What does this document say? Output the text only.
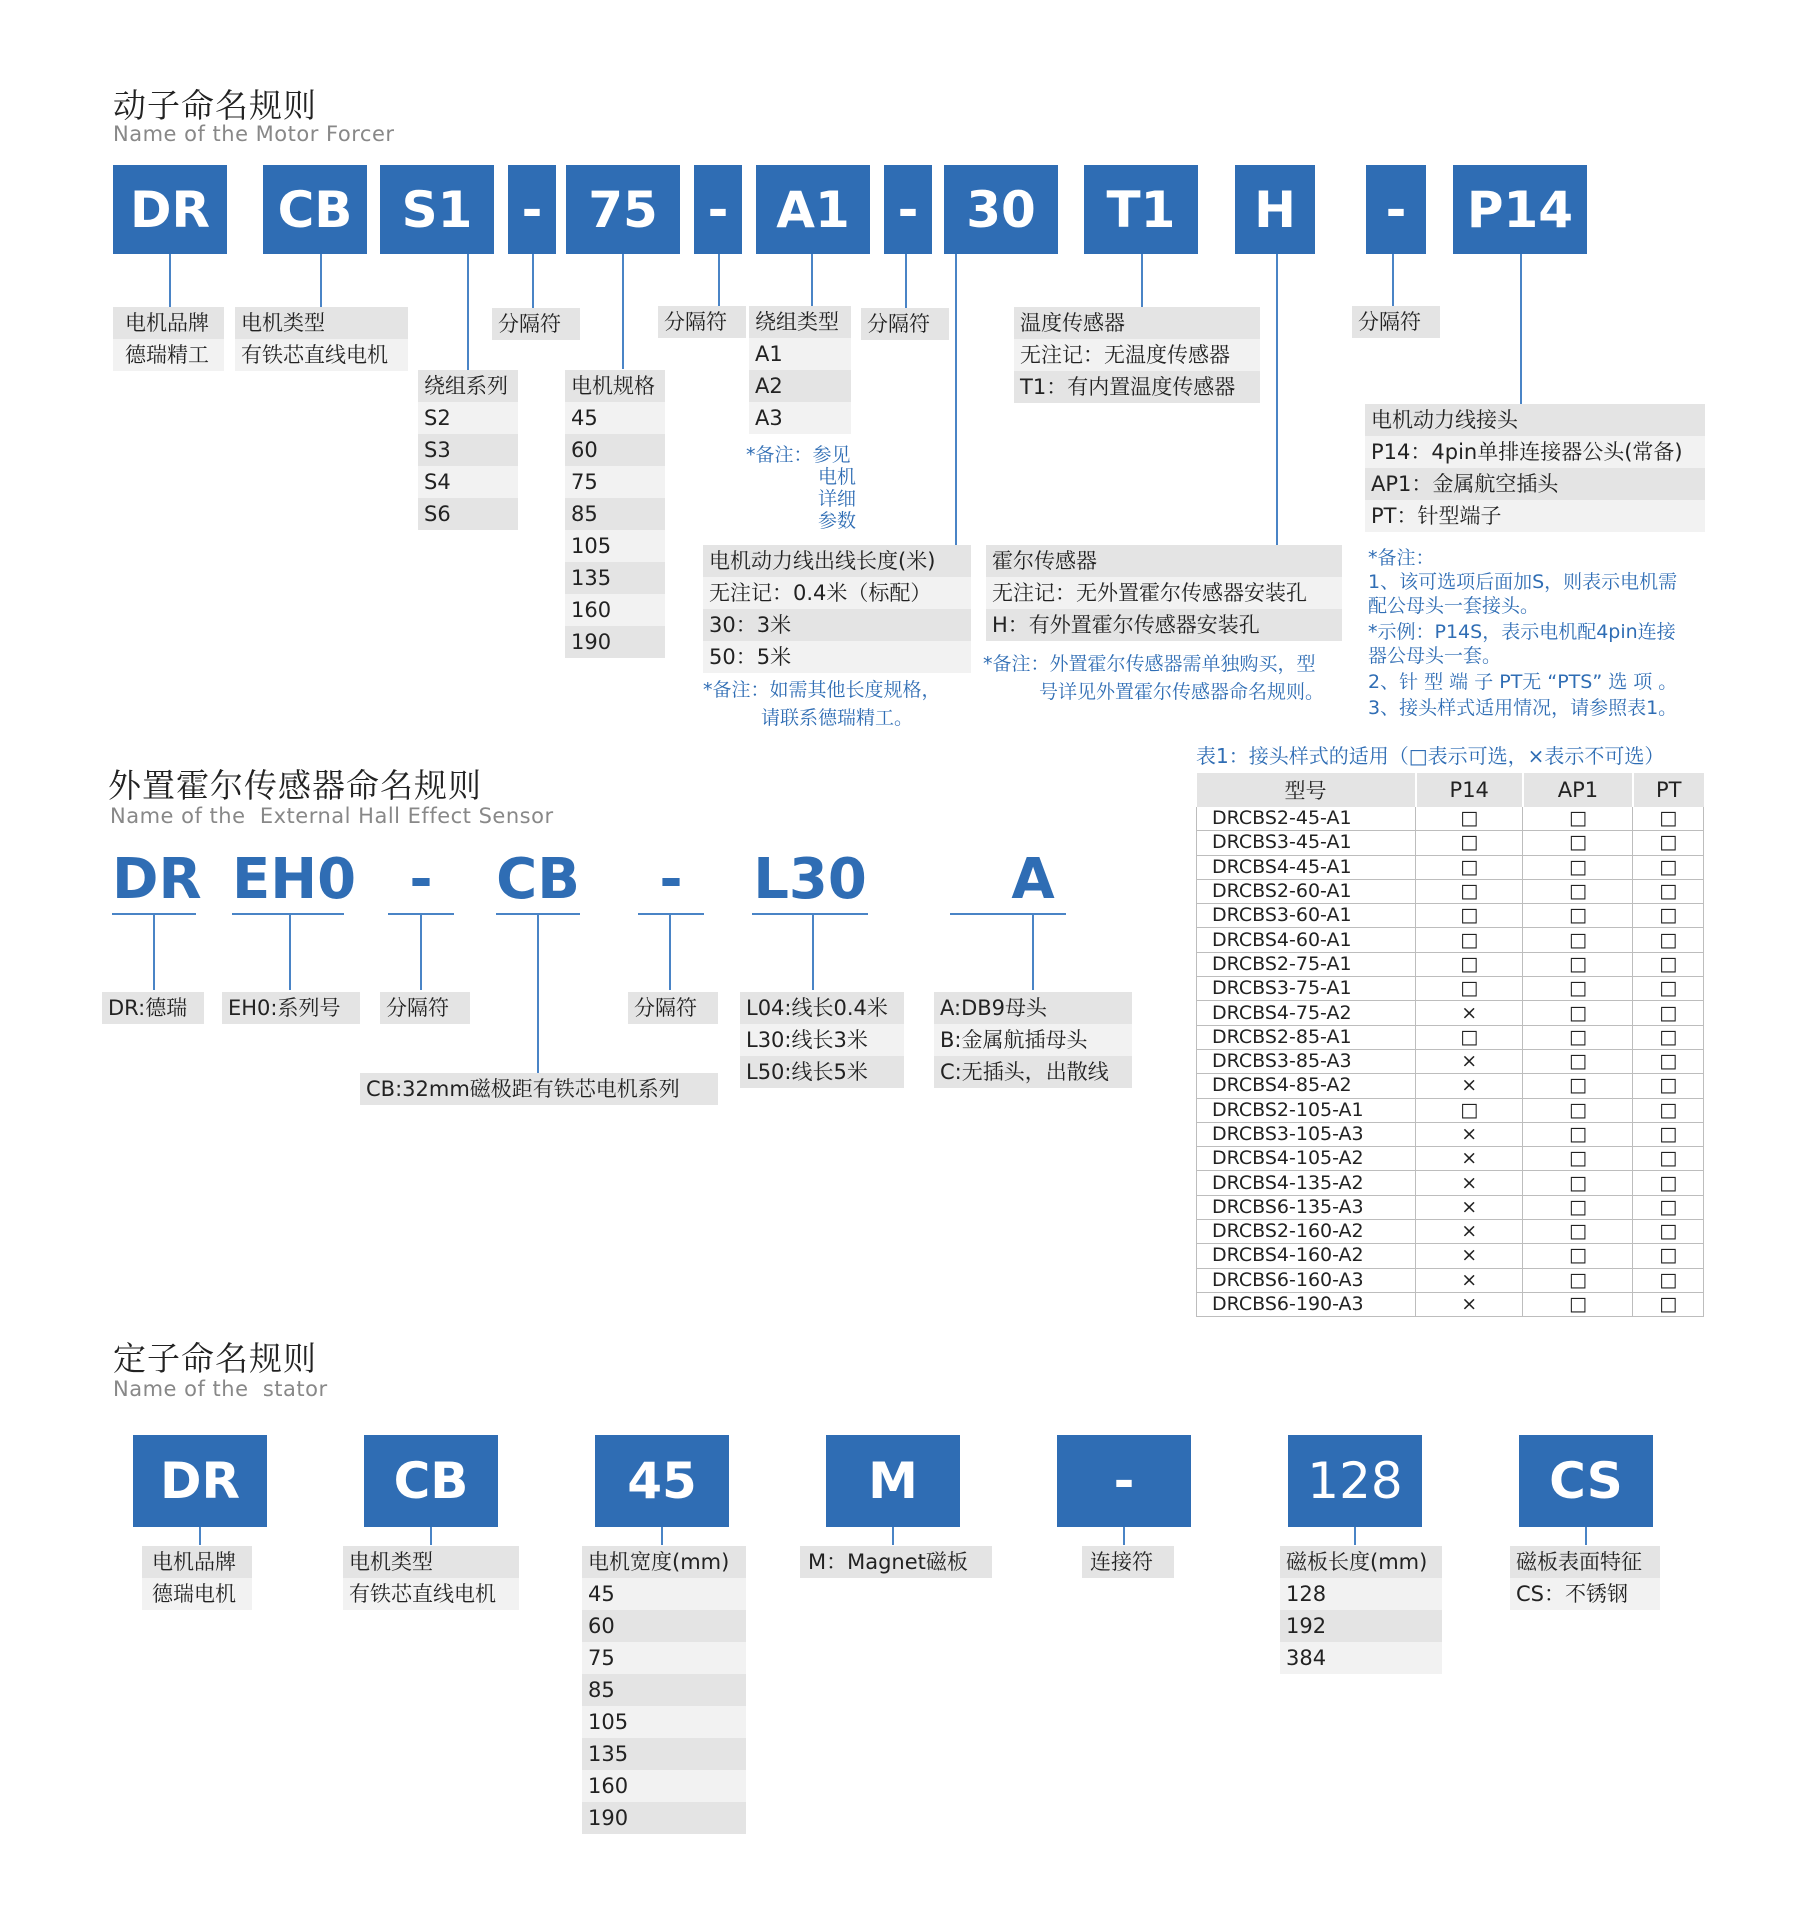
动子命名规则
Name of the Motor Forcer
DR	CB S1 - 75 - A1 - 30	T1	H	-	P14
电机品牌
德瑞精工
电机类型
有铁芯直线电机
绕组系列
S2
S3
S4
S6
分隔符
电机规格
45
60
75
85
105
135
160
190
分隔符	绕组类型
A1
A2
A3
*备注：参见
电机
详细
参数
分隔符	温度传感器
无注记：无温度传感器
T1：有内置温度传感器
分隔符
电机动力线接头
P14：4pin单排连接器公头(常备)
AP1：金属航空插头
PT：针型端子
*备注：
1、该可选项后面加S，则表示电机需
配公母头一套接头。
*示例：P14S，表示电机配4pin连接
器公母头一套。
2、针 型 端 子 PT无 “PTS” 选 项 。
3、接头样式适用情况，请参照表1。
电机动力线出线长度(米)
无注记：0.4米（标配）
30：3米
50：5米
*备注：如需其他长度规格，
请联系德瑞精工。
霍尔传感器
无注记：无外置霍尔传感器安装孔
H：有外置霍尔传感器安装孔
*备注：外置霍尔传感器需单独购买，型
号详见外置霍尔传感器命名规则。
表1：接头样式的适用（□表示可选，×表示不可选）
型号	P14	AP1	PT
DRCBS2-45-A1	□	□	□
DRCBS3-45-A1	□	□	□
DRCBS4-45-A1	□	□	□
DRCBS2-60-A1	□	□	□
DRCBS3-60-A1	□	□	□
DRCBS4-60-A1	□	□	□
DRCBS2-75-A1	□	□	□
DRCBS3-75-A1	□	□	□
DRCBS4-75-A2	×	□	□
DRCBS2-85-A1	□	□	□
DRCBS3-85-A3	×	□	□
DRCBS4-85-A2	×	□	□
DRCBS2-105-A1	□	□	□
DRCBS3-105-A3	×	□	□
DRCBS4-105-A2	×	□	□
DRCBS4-135-A2	×	□	□
DRCBS6-135-A3	×	□	□
DRCBS2-160-A2	×	□	□
DRCBS4-160-A2	×	□	□
DRCBS6-160-A3	×	□	□
DRCBS6-190-A3	×	□	□
外置霍尔传感器命名规则
Name of the  External Hall Effect Sensor
DR EH0 -	CB	-	L30	A
DR:德瑞	EH0:系列号	分隔符
CB:32mm磁极距有铁芯电机系列
分隔符	L04:线长0.4米
L30:线长3米
L50:线长5米
A:DB9母头
B:金属航插母头
C:无插头，出散线
定子命名规则
Name of the  stator
DR	CB	45	M	-	128	CS
电机品牌
德瑞电机
电机类型
有铁芯直线电机
电机宽度(mm)
45
60
75
85
105
135
160
190
M：Magnet磁板	连接符	磁板长度(mm)
128
192
384
磁板表面特征
CS：不锈钢
